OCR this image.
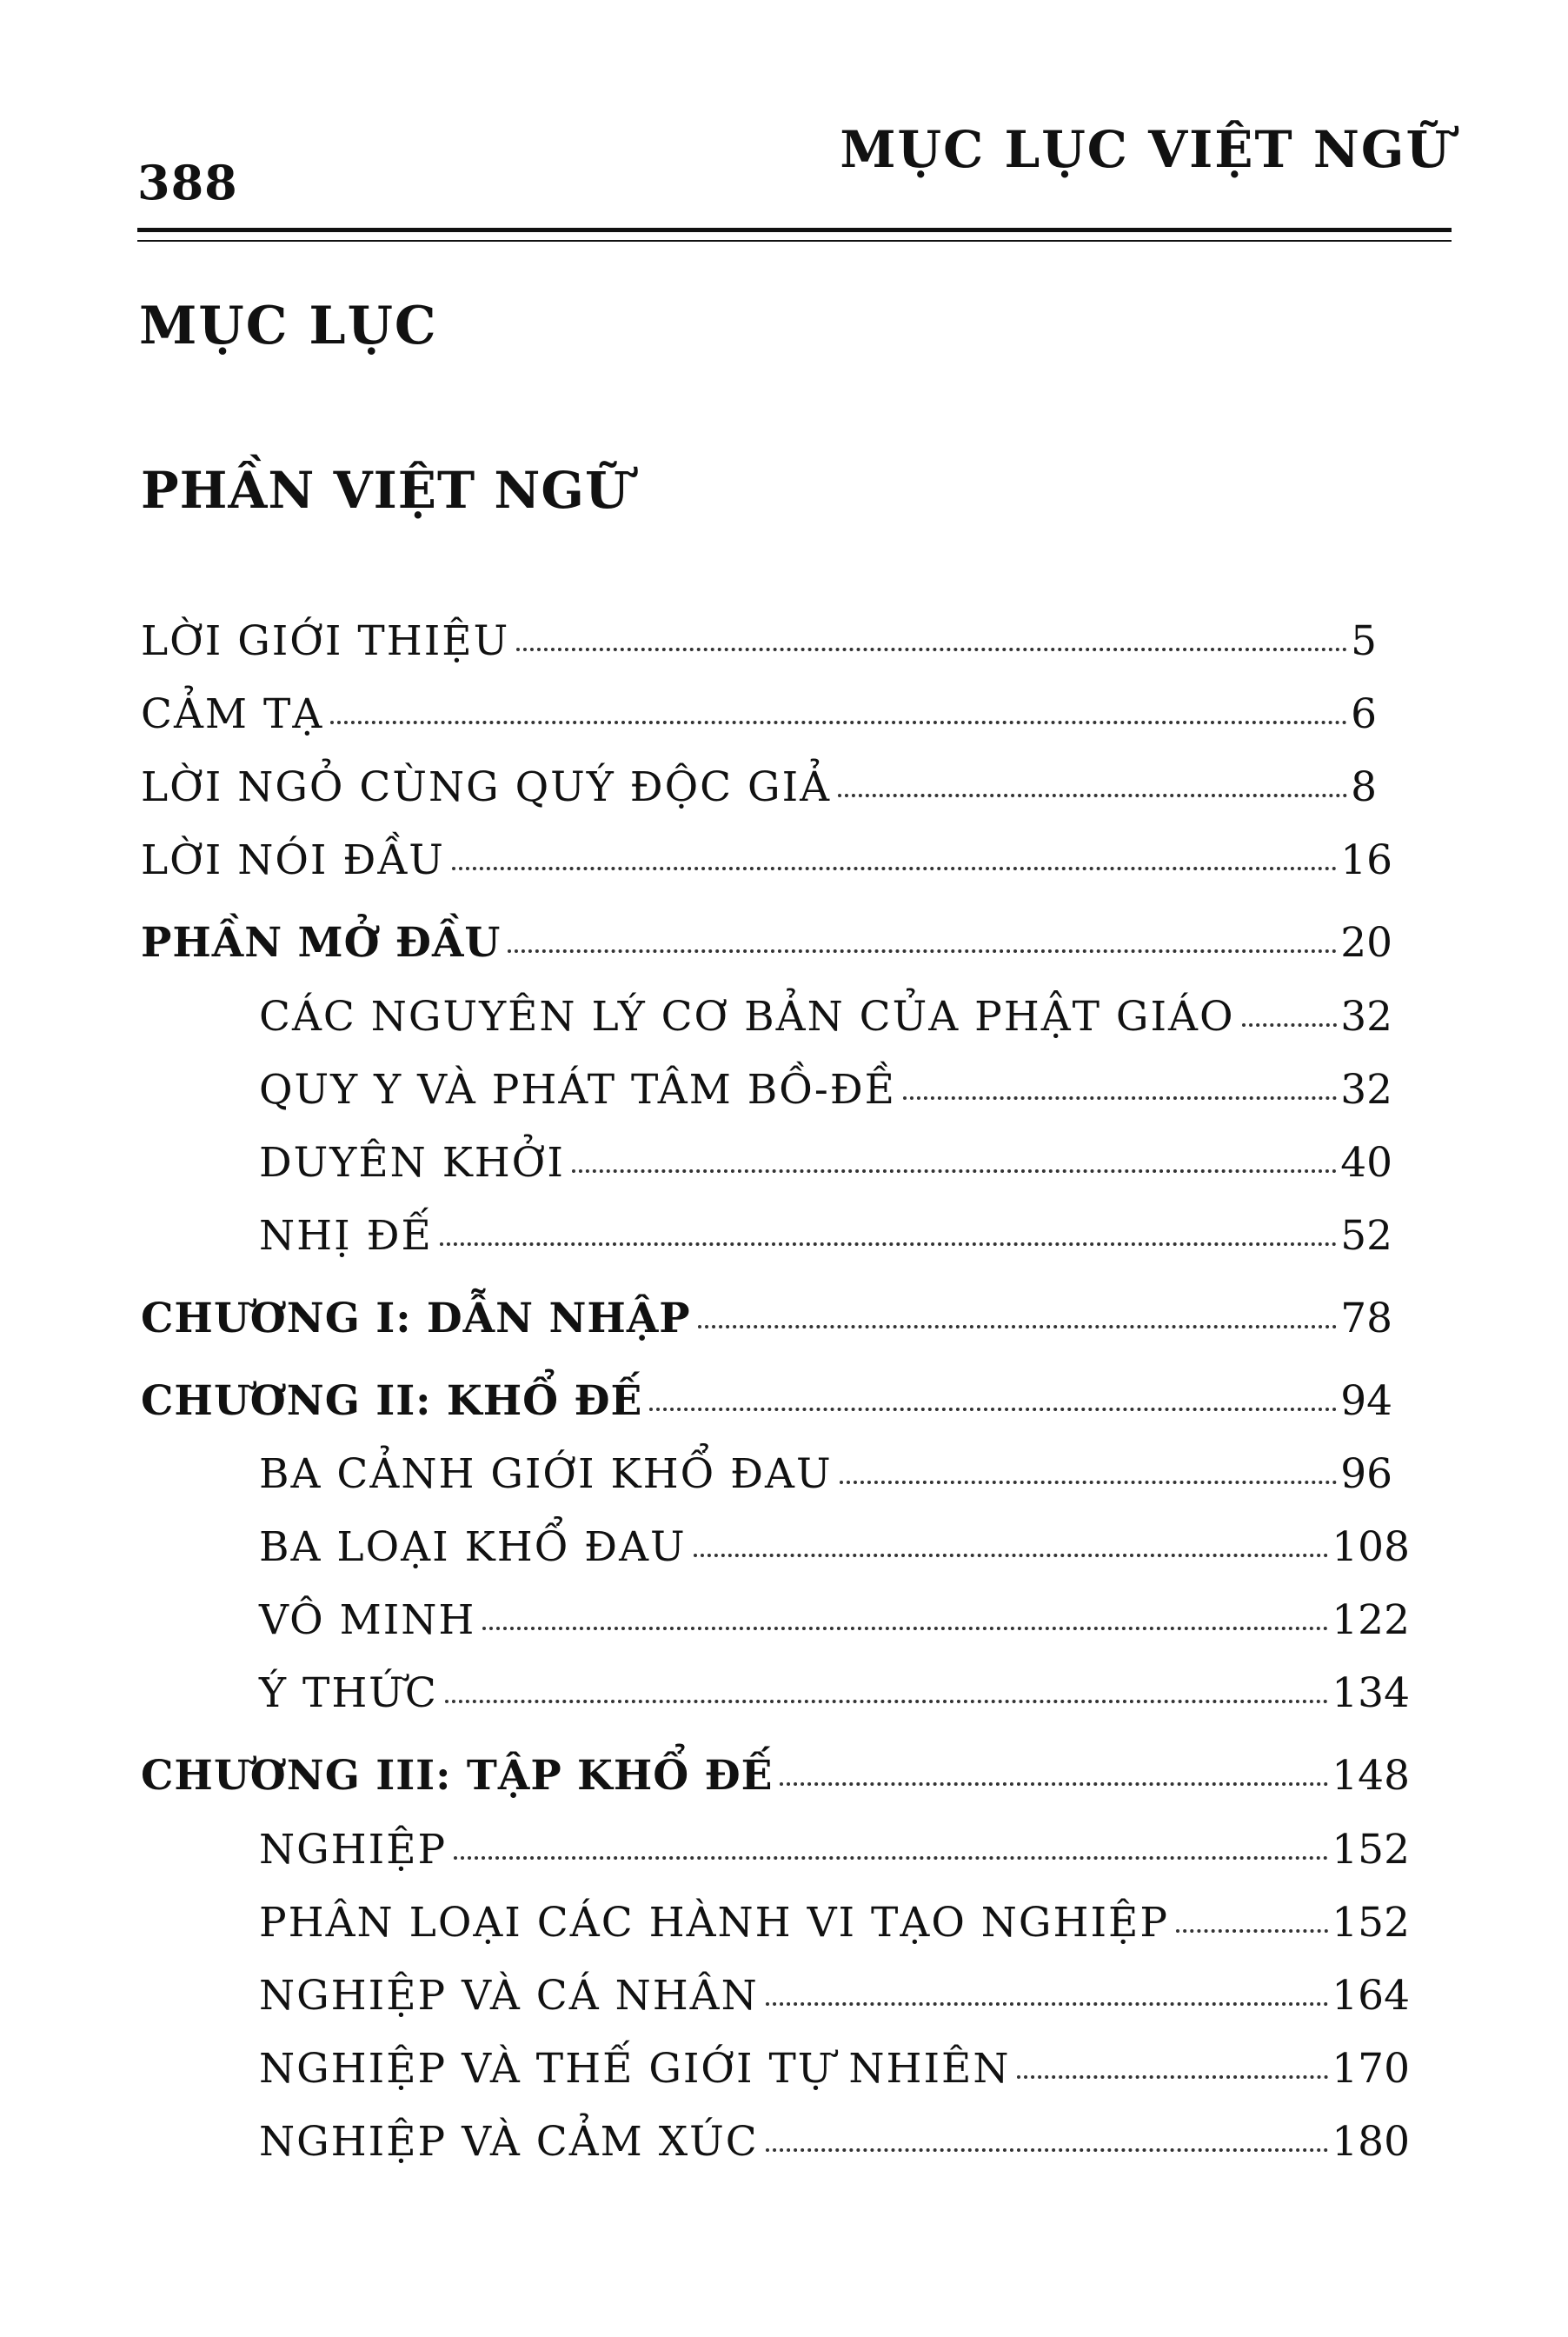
388
MỤC LỤC VIỆT NGỮ
MỤC LỤC
PHẦN VIỆT NGỮ
LỜI GIỚI THIỆU	5
CẢM TẠ	6
LỜI NGỎ CÙNG QUÝ ĐỘC GIẢ	8
LỜI NÓI ĐẦU	16
PHẦN MỞ ĐẦU	20
CÁC NGUYÊN LÝ CƠ BẢN CỦA PHẬT GIÁO	32
QUY Y VÀ PHÁT TÂM BỒ-ĐỀ	32
DUYÊN KHỞI	40
NHỊ ĐẾ	52
CHƯƠNG I: DẪN NHẬP	78
CHƯƠNG II: KHỔ ĐẾ	94
BA CẢNH GIỚI KHỔ ĐAU	96
BA LOẠI KHỔ ĐAU	108
VÔ MINH	122
Ý THỨC	134
CHƯƠNG III: TẬP KHỔ ĐẾ	148
NGHIỆP	152
PHÂN LOẠI CÁC HÀNH VI TẠO NGHIỆP	152
NGHIỆP VÀ CÁ NHÂN	164
NGHIỆP VÀ THẾ GIỚI TỰ NHIÊN	170
NGHIỆP VÀ CẢM XÚC	180
